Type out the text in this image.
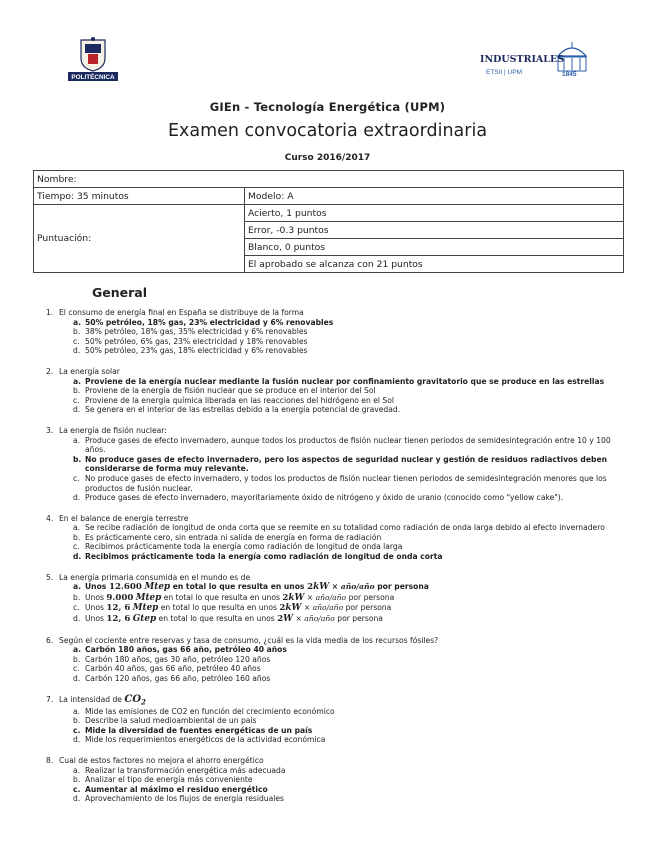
POLITÉCNICA
INDUSTRIALES
ETSII | UPM	1845
GIEn - Tecnología Energética (UPM)
Examen convocatoria extraordinaria
Curso 2016/2017
Nombre:	
Tiempo: 35 minutos	Modelo: A
Puntuación:	Acierto, 1 puntos
	Error, -0.3 puntos
	Blanco, 0 puntos
	El aprobado se alcanza con 21 puntos
General
1. El consumo de energía final en España se distribuye de la forma
a. 50% petróleo, 18% gas, 23% electricidad y 6% renovables
b. 38% petróleo, 18% gas, 35% electricidad y 6% renovables
c. 50% petróleo, 6% gas, 23% electricidad y 18% renovables
d. 50% petróleo, 23% gas, 18% electricidad y 6% renovables
2. La energía solar
a. Proviene de la energía nuclear mediante la fusión nuclear por confinamiento gravitatorio que se produce en las estrellas
b. Proviene de la energía de fisión nuclear que se produce en el interior del Sol
c. Proviene de la energía química liberada en las reacciones del hidrógeno en el Sol
d. Se genera en el interior de las estrellas debido a la energía potencial de gravedad.
3. La energía de fisión nuclear:
a. Produce gases de efecto invernadero, aunque todos los productos de fisión nuclear tienen periodos de semidesintegración entre 10 y 100 años.
b. No produce gases de efecto invernadero, pero los aspectos de seguridad nuclear y gestión de residuos radiactivos deben considerarse de forma muy relevante.
c. No produce gases de efecto invernadero, y todos los productos de fisión nuclear tienen periodos de semidesintegración menores que los productos de fusión nuclear.
d. Produce gases de efecto invernadero, mayoritariamente óxido de nitrógeno y óxido de uranio (conocido como "yellow cake").
4. En el balance de energía terrestre
a. Se recibe radiación de longitud de onda corta que se reemite en su totalidad como radiación de onda larga debido al efecto invernadero
b. Es prácticamente cero, sin entrada ni salida de energía en forma de radiación
c. Recibimos prácticamente toda la energía como radiación de longitud de onda larga
d. Recibimos prácticamente toda la energía como radiación de longitud de onda corta
5. La energía primaria consumida en el mundo es de
a. Unos 12.600 Mtep en total lo que resulta en unos 2kW × año/año por persona
b. Unos 9.000 Mtep en total lo que resulta en unos 2kW × año/año por persona
c. Unos 12, 6 Mtep en total lo que resulta en unos 2kW × año/año por persona
d. Unos 12, 6 Gtep en total lo que resulta en unos 2W × año/año por persona
6. Según el cociente entre reservas y tasa de consumo, ¿cuál es la vida media de los recursos fósiles?
a. Carbón 180 años, gas 66 año, petróleo 40 años
b. Carbón 180 años, gas 30 año, petróleo 120 años
c. Carbón 40 años, gas 66 año, petróleo 40 años
d. Carbón 120 años, gas 66 año, petróleo 160 años
7. La intensidad de $CO_2$
a. Mide las emisiones de CO2 en función del crecimiento económico
b. Describe la salud medioambiental de un país
c. Mide la diversidad de fuentes energéticas de un país
d. Mide los requerimientos energéticos de la actividad económica
8. Cual de estos factores no mejora el ahorro energético
a. Realizar la transformación energética más adecuada
b. Analizar el tipo de energía más conveniente
c. Aumentar al máximo el residuo energético
d. Aprovechamiento de los flujos de energía residuales
